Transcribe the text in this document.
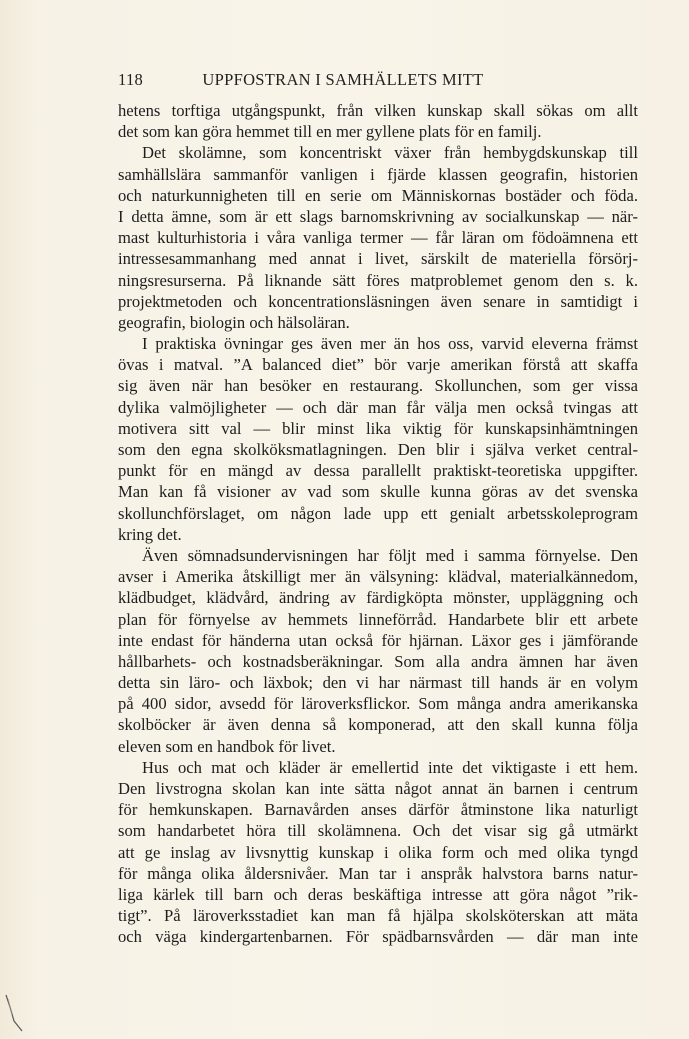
118	UPPFOSTRAN I SAMHÄLLETS MITT
hetens torftiga utgångspunkt, från vilken kunskap skall sökas om allt
det som kan göra hemmet till en mer gyllene plats för en familj.
Det skolämne, som koncentriskt växer från hembygdskunskap till
samhällslära sammanför vanligen i fjärde klassen geografin, historien
och naturkunnigheten till en serie om Människornas bostäder och föda.
I detta ämne, som är ett slags barnomskrivning av socialkunskap — när-
mast kulturhistoria i våra vanliga termer — får läran om födoämnena ett
intressesammanhang med annat i livet, särskilt de materiella försörj-
ningsresurserna. På liknande sätt föres matproblemet genom den s. k.
projektmetoden och koncentrationsläsningen även senare in samtidigt i
geografin, biologin och hälsoläran.
I praktiska övningar ges även mer än hos oss, varvid eleverna främst
övas i matval. ”A balanced diet” bör varje amerikan förstå att skaffa
sig även när han besöker en restaurang. Skollunchen, som ger vissa
dylika valmöjligheter — och där man får välja men också tvingas att
motivera sitt val — blir minst lika viktig för kunskapsinhämtningen
som den egna skolköksmatlagningen. Den blir i själva verket central-
punkt för en mängd av dessa parallellt praktiskt-teoretiska uppgifter.
Man kan få visioner av vad som skulle kunna göras av det svenska
skollunchförslaget, om någon lade upp ett genialt arbetsskoleprogram
kring det.
Även sömnadsundervisningen har följt med i samma förnyelse. Den
avser i Amerika åtskilligt mer än välsyning: klädval, materialkännedom,
klädbudget, klädvård, ändring av färdigköpta mönster, uppläggning och
plan för förnyelse av hemmets linneförråd. Handarbete blir ett arbete
inte endast för händerna utan också för hjärnan. Läxor ges i jämförande
hållbarhets- och kostnadsberäkningar. Som alla andra ämnen har även
detta sin läro- och läxbok; den vi har närmast till hands är en volym
på 400 sidor, avsedd för läroverksflickor. Som många andra amerikanska
skolböcker är även denna så komponerad, att den skall kunna följa
eleven som en handbok för livet.
Hus och mat och kläder är emellertid inte det viktigaste i ett hem.
Den livstrogna skolan kan inte sätta något annat än barnen i centrum
för hemkunskapen. Barnavården anses därför åtminstone lika naturligt
som handarbetet höra till skolämnena. Och det visar sig gå utmärkt
att ge inslag av livsnyttig kunskap i olika form och med olika tyngd
för många olika åldersnivåer. Man tar i anspråk halvstora barns natur-
liga kärlek till barn och deras beskäftiga intresse att göra något ”rik-
tigt”. På läroverksstadiet kan man få hjälpa skolsköterskan att mäta
och väga kindergartenbarnen. För spädbarnsvården — där man inte
